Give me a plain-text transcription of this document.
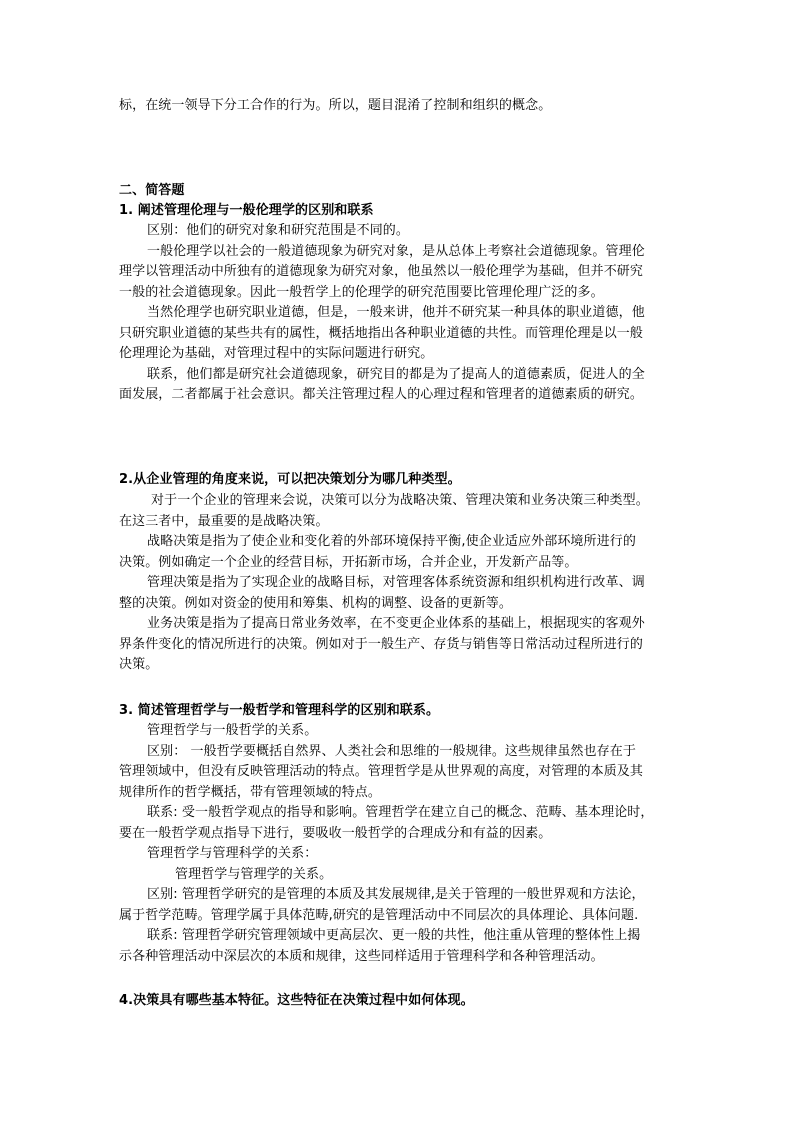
标，在统一领导下分工合作的行为。所以，题目混淆了控制和组织的概念。

二、简答题

1. 阐述管理伦理与一般伦理学的区别和联系

区别：他们的研究对象和研究范围是不同的。
一般伦理学以社会的一般道德现象为研究对象，是从总体上考察社会道德现象。管理伦
理学以管理活动中所独有的道德现象为研究对象，他虽然以一般伦理学为基础，但并不研究
一般的社会道德现象。因此一般哲学上的伦理学的研究范围要比管理伦理广泛的多。
当然伦理学也研究职业道德，但是，一般来讲，他并不研究某一种具体的职业道德，他
只研究职业道德的某些共有的属性，概括地指出各种职业道德的共性。而管理伦理是以一般
伦理理论为基础，对管理过程中的实际问题进行研究。
联系，他们都是研究社会道德现象，研究目的都是为了提高人的道德素质，促进人的全
面发展，二者都属于社会意识。都关注管理过程人的心理过程和管理者的道德素质的研究。

2.从企业管理的角度来说，可以把决策划分为哪几种类型。

对于一个企业的管理来会说，决策可以分为战略决策、管理决策和业务决策三种类型。
在这三者中，最重要的是战略决策。
战略决策是指为了使企业和变化着的外部环境保持平衡,使企业适应外部环境所进行的
决策。例如确定一个企业的经营目标，开拓新市场，合并企业，开发新产品等。
管理决策是指为了实现企业的战略目标，对管理客体系统资源和组织机构进行改革、调
整的决策。例如对资金的使用和筹集、机构的调整、设备的更新等。
业务决策是指为了提高日常业务效率，在不变更企业体系的基础上，根据现实的客观外
界条件变化的情况所进行的决策。例如对于一般生产、存货与销售等日常活动过程所进行的
决策。

3. 简述管理哲学与一般哲学和管理科学的区别和联系。

管理哲学与一般哲学的关系。
区别： 一般哲学要概括自然界、人类社会和思维的一般规律。这些规律虽然也存在于
管理领域中，但没有反映管理活动的特点。管理哲学是从世界观的高度，对管理的本质及其
规律所作的哲学概括，带有管理领域的特点。
联系: 受一般哲学观点的指导和影响。管理哲学在建立自己的概念、范畴、基本理论时，
要在一般哲学观点指导下进行，要吸收一般哲学的合理成分和有益的因素。
管理哲学与管理科学的关系：
管理哲学与管理学的关系。
区别: 管理哲学研究的是管理的本质及其发展规律,是关于管理的一般世界观和方法论，
属于哲学范畴。管理学属于具体范畴,研究的是管理活动中不同层次的具体理论、具体问题.
联系: 管理哲学研究管理领域中更高层次、更一般的共性，他注重从管理的整体性上揭
示各种管理活动中深层次的本质和规律，这些同样适用于管理科学和各种管理活动。

4.决策具有哪些基本特征。这些特征在决策过程中如何体现。
